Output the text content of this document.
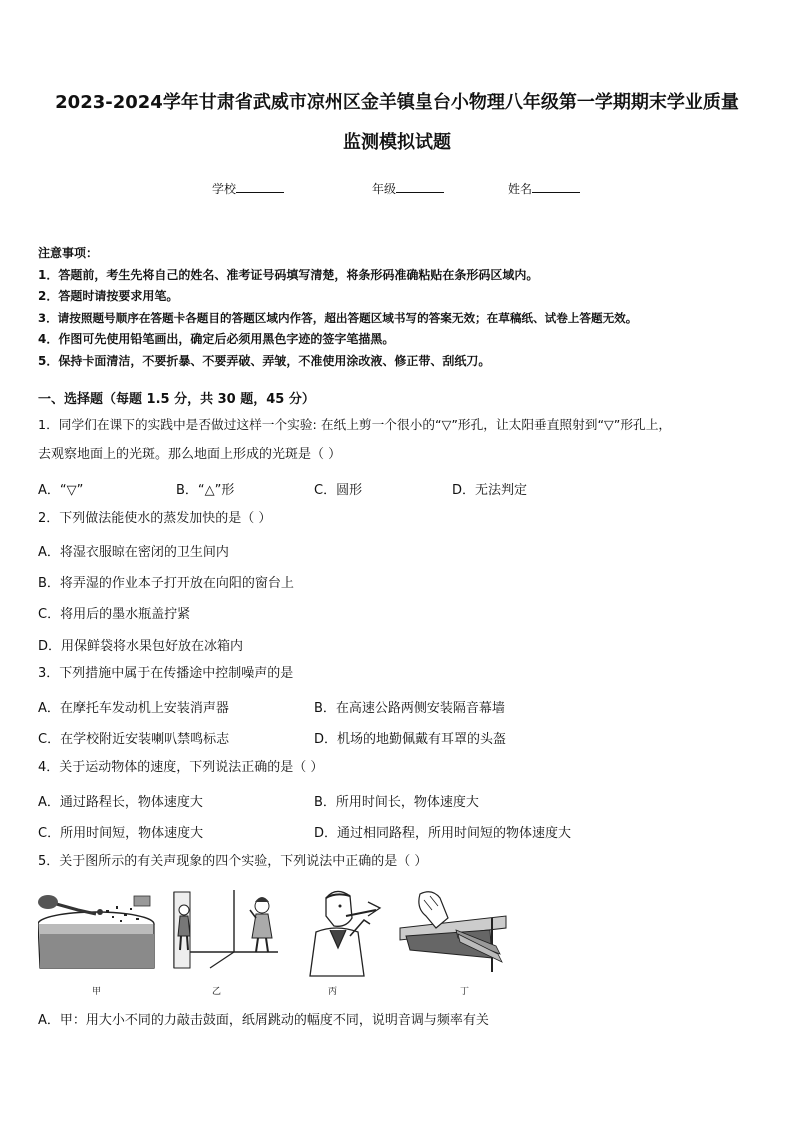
2023-2024学年甘肃省武威市凉州区金羊镇皇台小物理八年级第一学期期末学业质量
监测模拟试题
学校	年级	姓名
注意事项：
1．答题前，考生先将自己的姓名、准考证号码填写清楚，将条形码准确粘贴在条形码区域内。
2．答题时请按要求用笔。
3．请按照题号顺序在答题卡各题目的答题区域内作答，超出答题区域书写的答案无效；在草稿纸、试卷上答题无效。
4．作图可先使用铅笔画出，确定后必须用黑色字迹的签字笔描黑。
5．保持卡面清洁，不要折暴、不要弄破、弄皱，不准使用涂改液、修正带、刮纸刀。
一、选择题（每题 1.5 分，共 30 题，45 分）
1．同学们在课下的实践中是否做过这样一个实验: 在纸上剪一个很小的“▽”形孔，让太阳垂直照射到“▽”形孔上，
去观察地面上的光斑。那么地面上形成的光斑是（ ）
A．“▽”	B．“△”形	C．圆形	D．无法判定
2．下列做法能使水的蒸发加快的是（ ）
A．将湿衣服晾在密闭的卫生间内
B．将弄湿的作业本子打开放在向阳的窗台上
C．将用后的墨水瓶盖拧紧
D．用保鲜袋将水果包好放在冰箱内
3．下列措施中属于在传播途中控制噪声的是
A．在摩托车发动机上安装消声器	B．在高速公路两侧安装隔音幕墙
C．在学校附近安装喇叭禁鸣标志	D．机场的地勤佩戴有耳罩的头盔
4．关于运动物体的速度，下列说法正确的是（ ）
A．通过路程长，物体速度大	B．所用时间长，物体速度大
C．所用时间短，物体速度大	D．通过相同路程，所用时间短的物体速度大
5．关于图所示的有关声现象的四个实验，下列说法中正确的是（ ）
甲	乙	丙	丁
A．甲：用大小不同的力敲击鼓面，纸屑跳动的幅度不同，说明音调与频率有关
